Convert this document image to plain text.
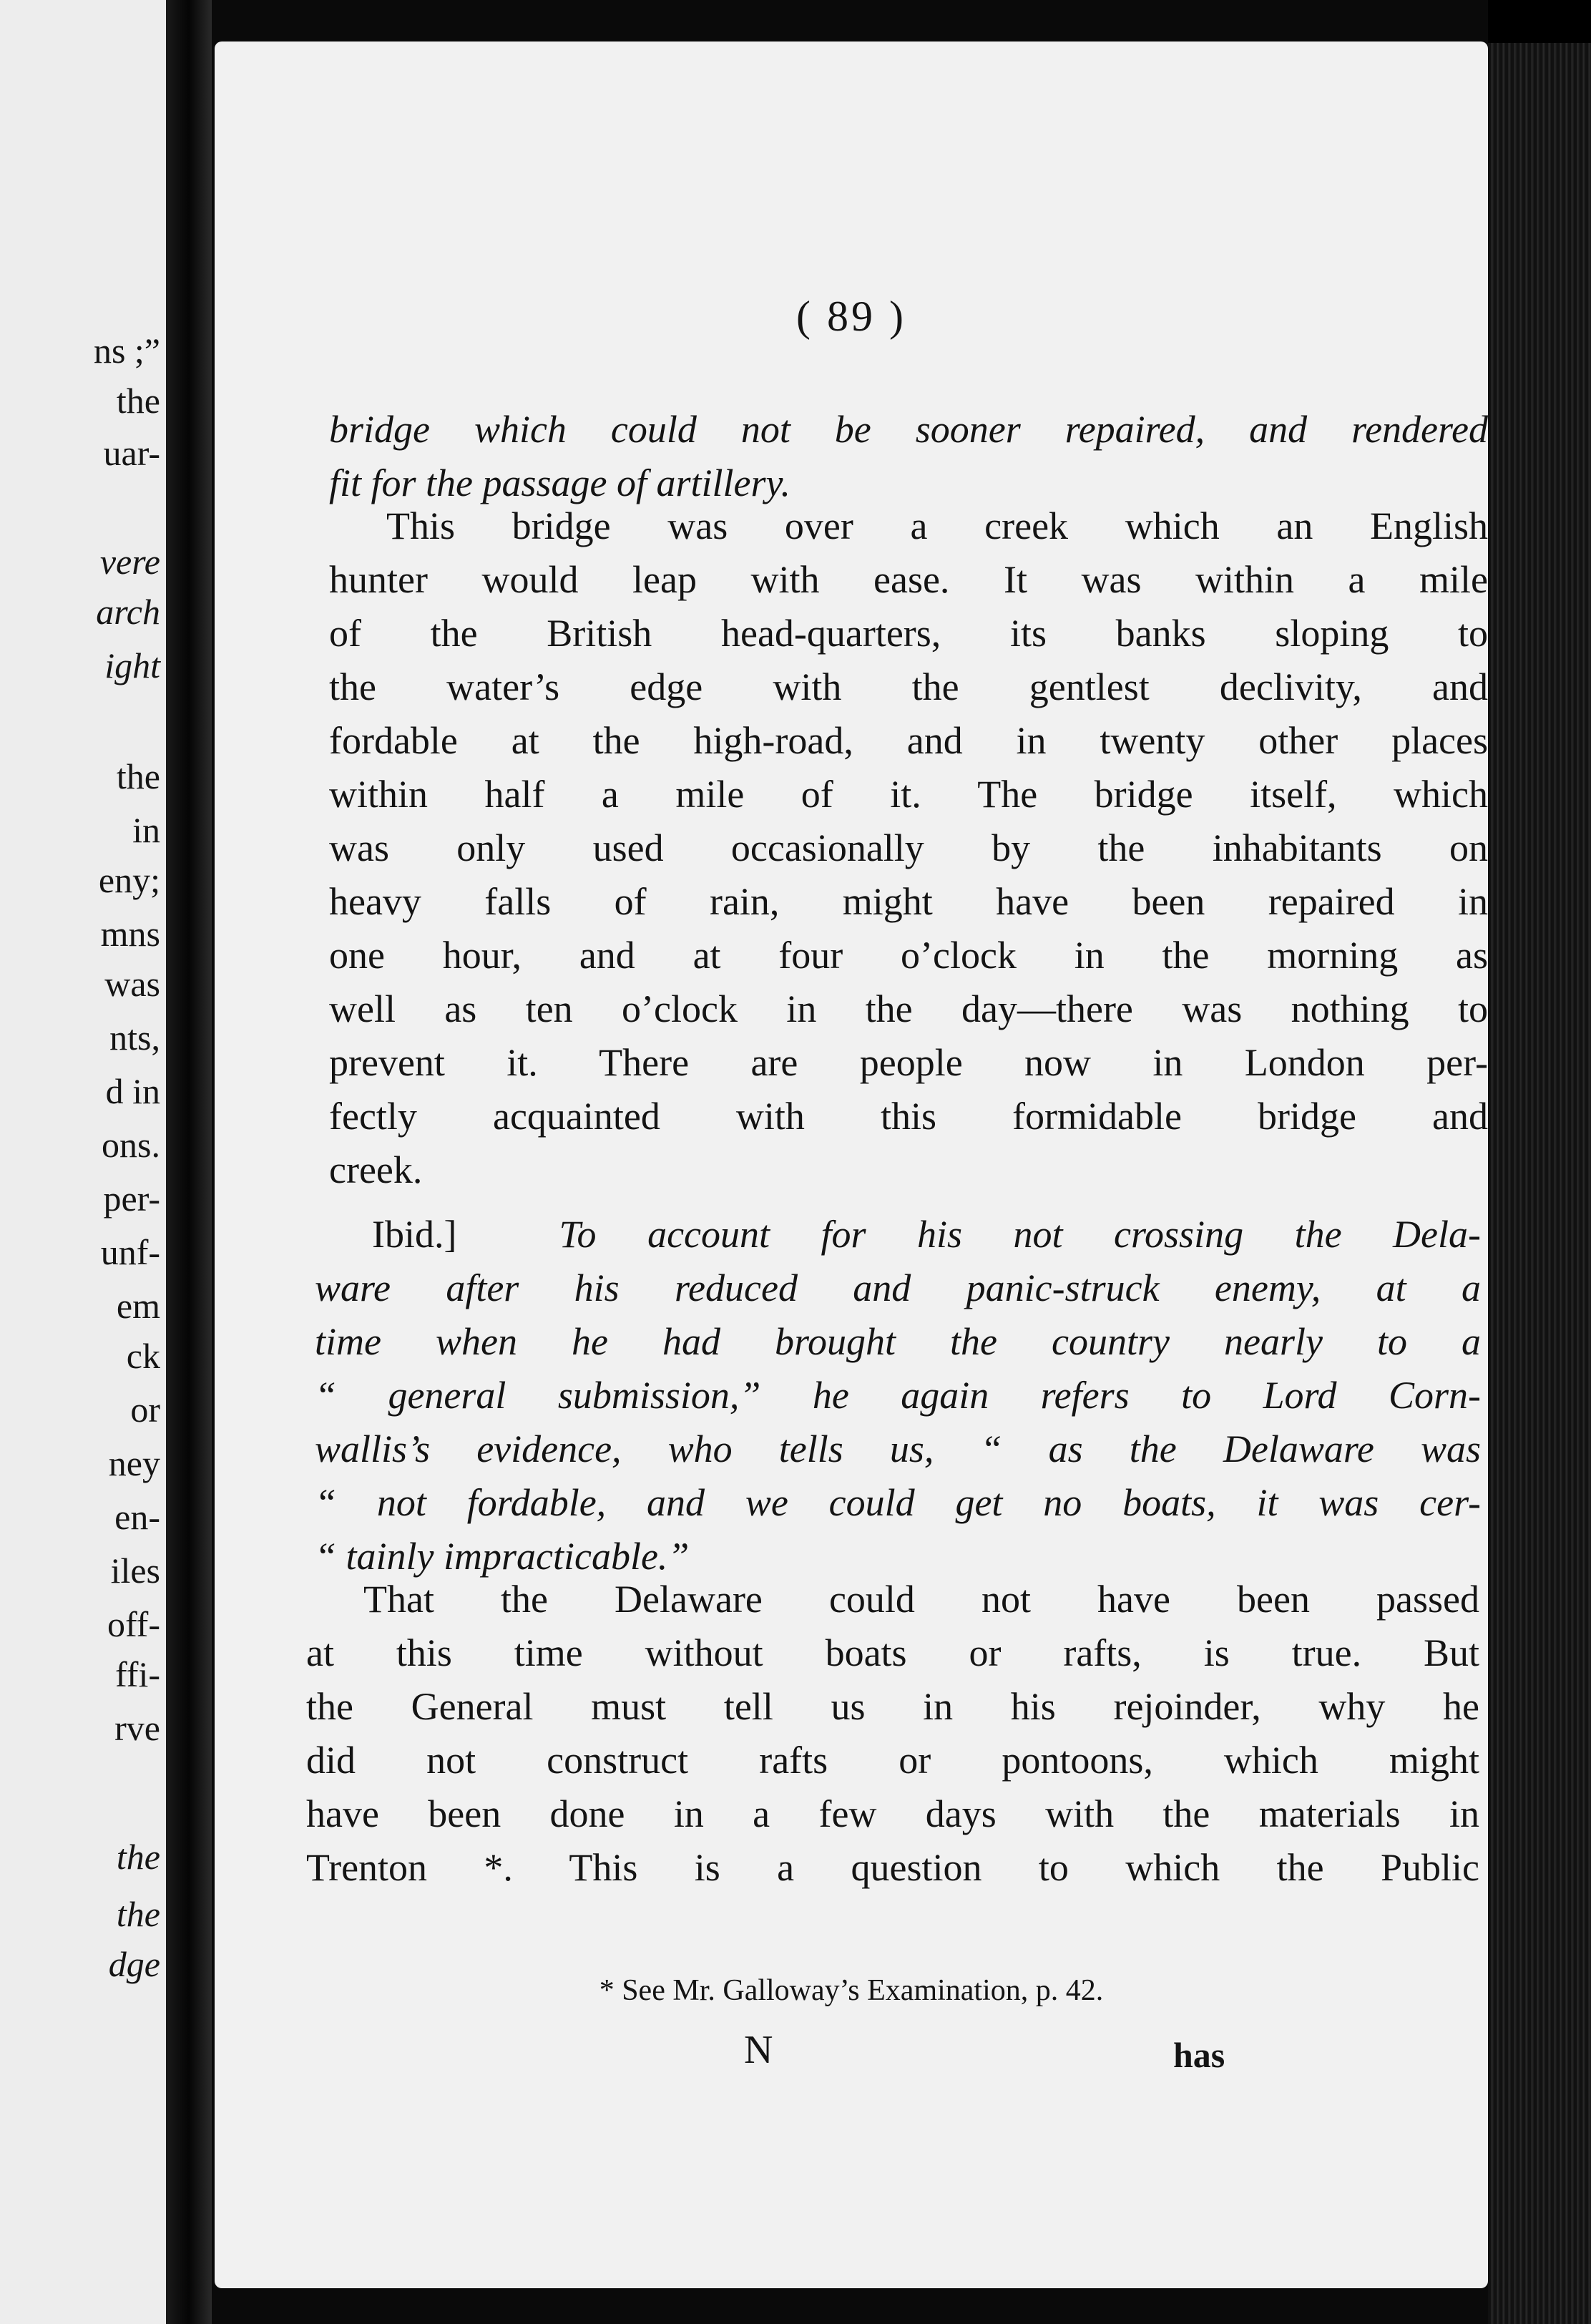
ns ;”
the
uar-
vere
arch
ight
the
in
eny;
mns
was
nts,
d in
ons.
per-
unf-
em
ck
or
ney
en-
iles
off-
ffi-
rve
the
the
dge
( 89 )
bridge which could not be sooner repaired, and rendered
fit for the passage of artillery.
This bridge was over a creek which an English
hunter would leap with ease. It was within a mile
of the British head-quarters, its banks sloping to
the water’s edge with the gentlest declivity, and
fordable at the high-road, and in twenty other places
within half a mile of it. The bridge itself, which
was only used occasionally by the inhabitants on
heavy falls of rain, might have been repaired in
one hour, and at four o’clock in the morning as
well as ten o’clock in the day—there was nothing to
prevent it. There are people now in London per-
fectly acquainted with this formidable bridge and
creek.
Ibid.]	To account for his not crossing the Dela-
ware after his reduced and panic-struck enemy, at a
time when he had brought the country nearly to a
“ general submission,” he again refers to Lord Corn-
wallis’s evidence, who tells us, “ as the Delaware was
“ not fordable, and we could get no boats, it was cer-
“ tainly impracticable.”
That the Delaware could not have been passed
at this time without boats or rafts, is true. But
the General must tell us in his rejoinder, why he
did not construct rafts or pontoons, which might
have been done in a few days with the materials in
Trenton *. This is a question to which the Public
* See Mr. Galloway’s Examination, p. 42.
N	has
